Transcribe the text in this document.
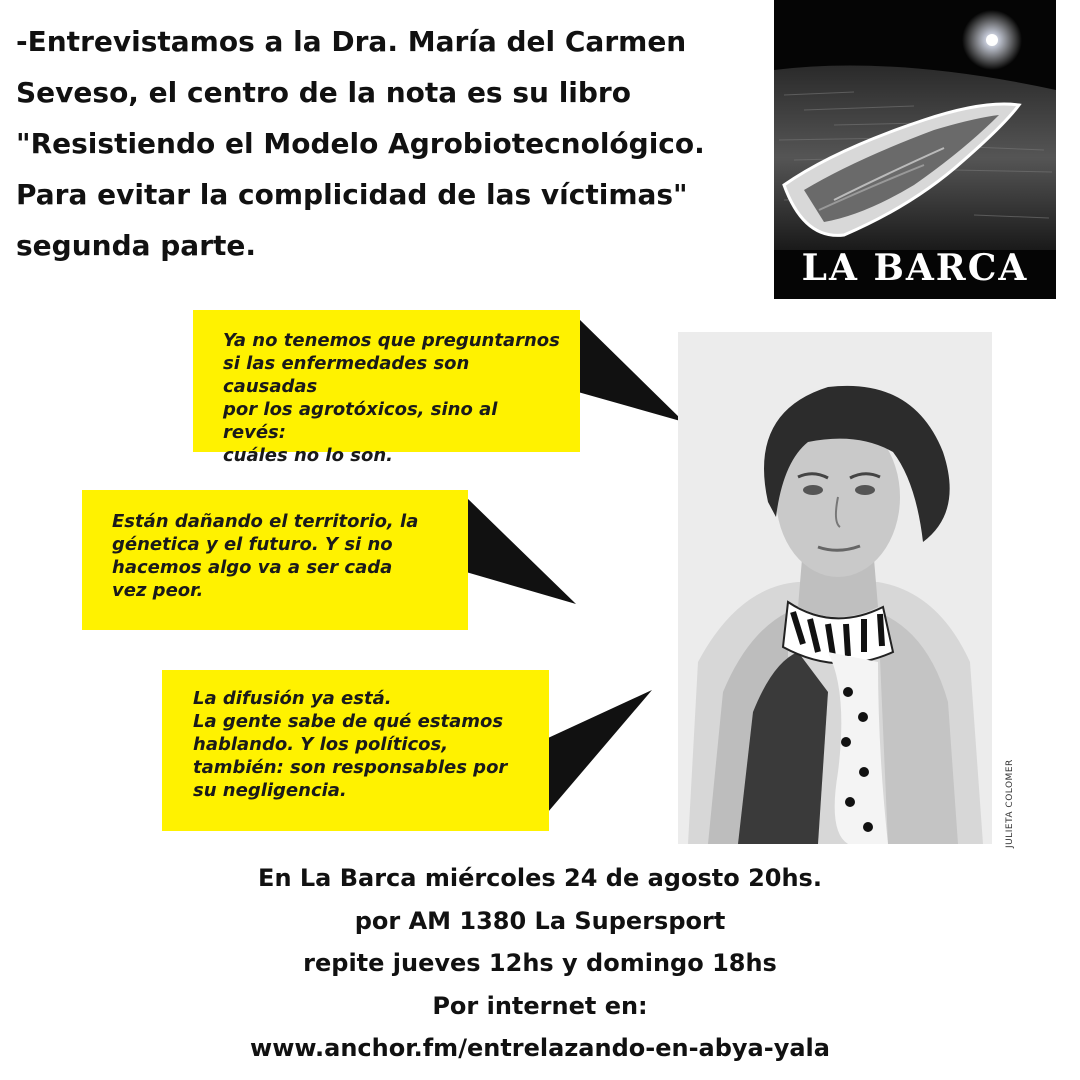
-Entrevistamos a la Dra. María del Carmen
Seveso, el centro de la nota es su libro
"Resistiendo el Modelo Agrobiotecnológico.
Para evitar la complicidad de las víctimas"
segunda parte.

LA BARCA
Ya no tenemos que preguntarnos
si las enfermedades son causadas
por los agrotóxicos, sino al revés:
cuáles no lo son.
Están dañando el territorio, la
génetica y el futuro. Y si no
hacemos algo va a ser cada
vez peor.
La difusión ya está.
La gente sabe de qué estamos
hablando. Y los políticos,
también: son responsables por
su negligencia.	JULIETA COLOMER
En La Barca miércoles 24 de agosto 20hs.
por AM 1380 La Supersport
repite jueves 12hs y domingo 18hs
Por internet en:
www.anchor.fm/entrelazando-en-abya-yala
